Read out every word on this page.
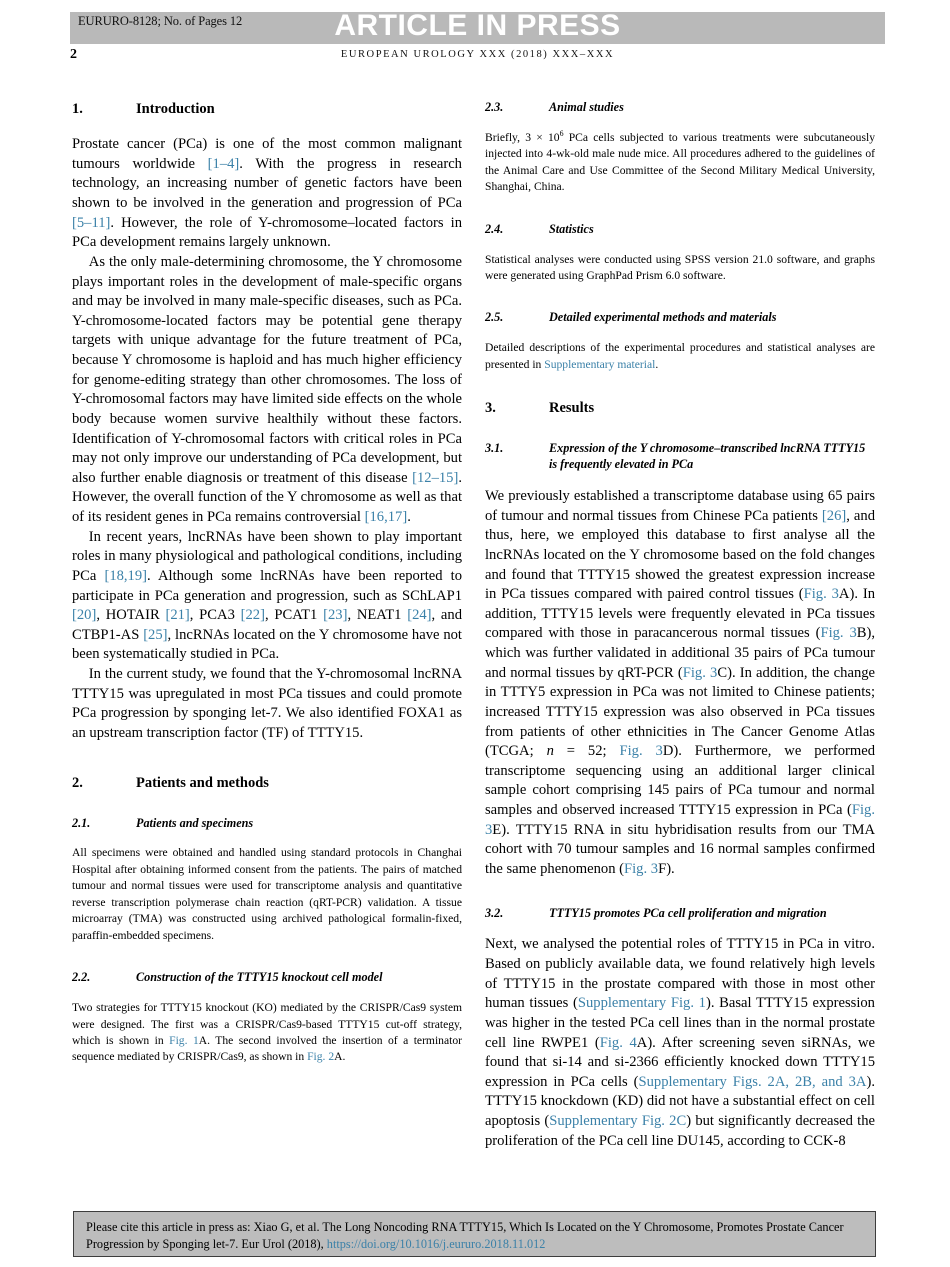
EURURO-8128; No. of Pages 12	ARTICLE IN PRESS
2	EUROPEAN UROLOGY XXX (2018) XXX–XXX
1.	Introduction

Prostate cancer (PCa) is one of the most common malignant tumours worldwide [1–4]. With the progress in research technology, an increasing number of genetic factors have been shown to be involved in the generation and progression of PCa [5–11]. However, the role of Y-chromosome–located factors in PCa development remains largely unknown.

As the only male-determining chromosome, the Y chromosome plays important roles in the development of male-specific organs and may be involved in many male-specific diseases, such as PCa. Y-chromosome-located factors may be potential gene therapy targets with unique advantage for the future treatment of PCa, because Y chromosome is haploid and has much higher efficiency for genome-editing strategy than other chromosomes. The loss of Y-chromosomal factors may have limited side effects on the whole body because women survive healthily without these factors. Identification of Y-chromosomal factors with critical roles in PCa may not only improve our understanding of PCa development, but also further enable diagnosis or treatment of this disease [12–15]. However, the overall function of the Y chromosome as well as that of its resident genes in PCa remains controversial [16,17].

In recent years, lncRNAs have been shown to play important roles in many physiological and pathological conditions, including PCa [18,19]. Although some lncRNAs have been reported to participate in PCa generation and progression, such as SChLAP1 [20], HOTAIR [21], PCA3 [22], PCAT1 [23], NEAT1 [24], and CTBP1-AS [25], lncRNAs located on the Y chromosome have not been systematically studied in PCa.

In the current study, we found that the Y-chromosomal lncRNA TTTY15 was upregulated in most PCa tissues and could promote PCa progression by sponging let-7. We also identified FOXA1 as an upstream transcription factor (TF) of TTTY15.

2.	Patients and methods
2.1.	Patients and specimens

All specimens were obtained and handled using standard protocols in Changhai Hospital after obtaining informed consent from the patients. The pairs of matched tumour and normal tissues were used for transcriptome analysis and quantitative reverse transcription polymerase chain reaction (qRT-PCR) validation. A tissue microarray (TMA) was constructed using archived pathological formalin-fixed, paraffin-embedded specimens.

2.2.	Construction of the TTTY15 knockout cell model

Two strategies for TTTY15 knockout (KO) mediated by the CRISPR/Cas9 system were designed. The first was a CRISPR/Cas9-based TTTY15 cut-off strategy, which is shown in Fig. 1A. The second involved the insertion of a terminator sequence mediated by CRISPR/Cas9, as shown in Fig. 2A.

2.3.	Animal studies

Briefly, $3 \times 10^6$ PCa cells subjected to various treatments were subcutaneously injected into 4-wk-old male nude mice. All procedures adhered to the guidelines of the Animal Care and Use Committee of the Second Military Medical University, Shanghai, China.

2.4.	Statistics

Statistical analyses were conducted using SPSS version 21.0 software, and graphs were generated using GraphPad Prism 6.0 software.

2.5.	Detailed experimental methods and materials

Detailed descriptions of the experimental procedures and statistical analyses are presented in Supplementary material.

3.	Results
3.1.	Expression of the Y chromosome–transcribed lncRNA TTTY15 is frequently elevated in PCa

We previously established a transcriptome database using 65 pairs of tumour and normal tissues from Chinese PCa patients [26], and thus, here, we employed this database to first analyse all the lncRNAs located on the Y chromosome based on the fold changes and found that TTTY15 showed the greatest expression increase in PCa tissues compared with paired control tissues (Fig. 3A). In addition, TTTY15 levels were frequently elevated in PCa tissues compared with those in paracancerous normal tissues (Fig. 3B), which was further validated in additional 35 pairs of PCa tumour and normal tissues by qRT-PCR (Fig. 3C). In addition, the change in TTTY5 expression in PCa was not limited to Chinese patients; increased TTTY15 expression was also observed in PCa tissues from patients of other ethnicities in The Cancer Genome Atlas (TCGA; n = 52; Fig. 3D). Furthermore, we performed transcriptome sequencing using an additional larger clinical sample cohort comprising 145 pairs of PCa tumour and normal samples and observed increased TTTY15 expression in PCa (Fig. 3E). TTTY15 RNA in situ hybridisation results from our TMA cohort with 70 tumour samples and 16 normal samples confirmed the same phenomenon (Fig. 3F).

3.2.	TTTY15 promotes PCa cell proliferation and migration

Next, we analysed the potential roles of TTTY15 in PCa in vitro. Based on publicly available data, we found relatively high levels of TTTY15 in the prostate compared with those in most other human tissues (Supplementary Fig. 1). Basal TTTY15 expression was higher in the tested PCa cell lines than in the normal prostate cell line RWPE1 (Fig. 4A). After screening seven siRNAs, we found that si-14 and si-2366 efficiently knocked down TTTY15 expression in PCa cells (Supplementary Figs. 2A, 2B, and 3A). TTTY15 knockdown (KD) did not have a substantial effect on cell apoptosis (Supplementary Fig. 2C) but significantly decreased the proliferation of the PCa cell line DU145, according to CCK-8

Please cite this article in press as: Xiao G, et al. The Long Noncoding RNA TTTY15, Which Is Located on the Y Chromosome, Promotes Prostate Cancer Progression by Sponging let-7. Eur Urol (2018), https://doi.org/10.1016/j.eururo.2018.11.012
